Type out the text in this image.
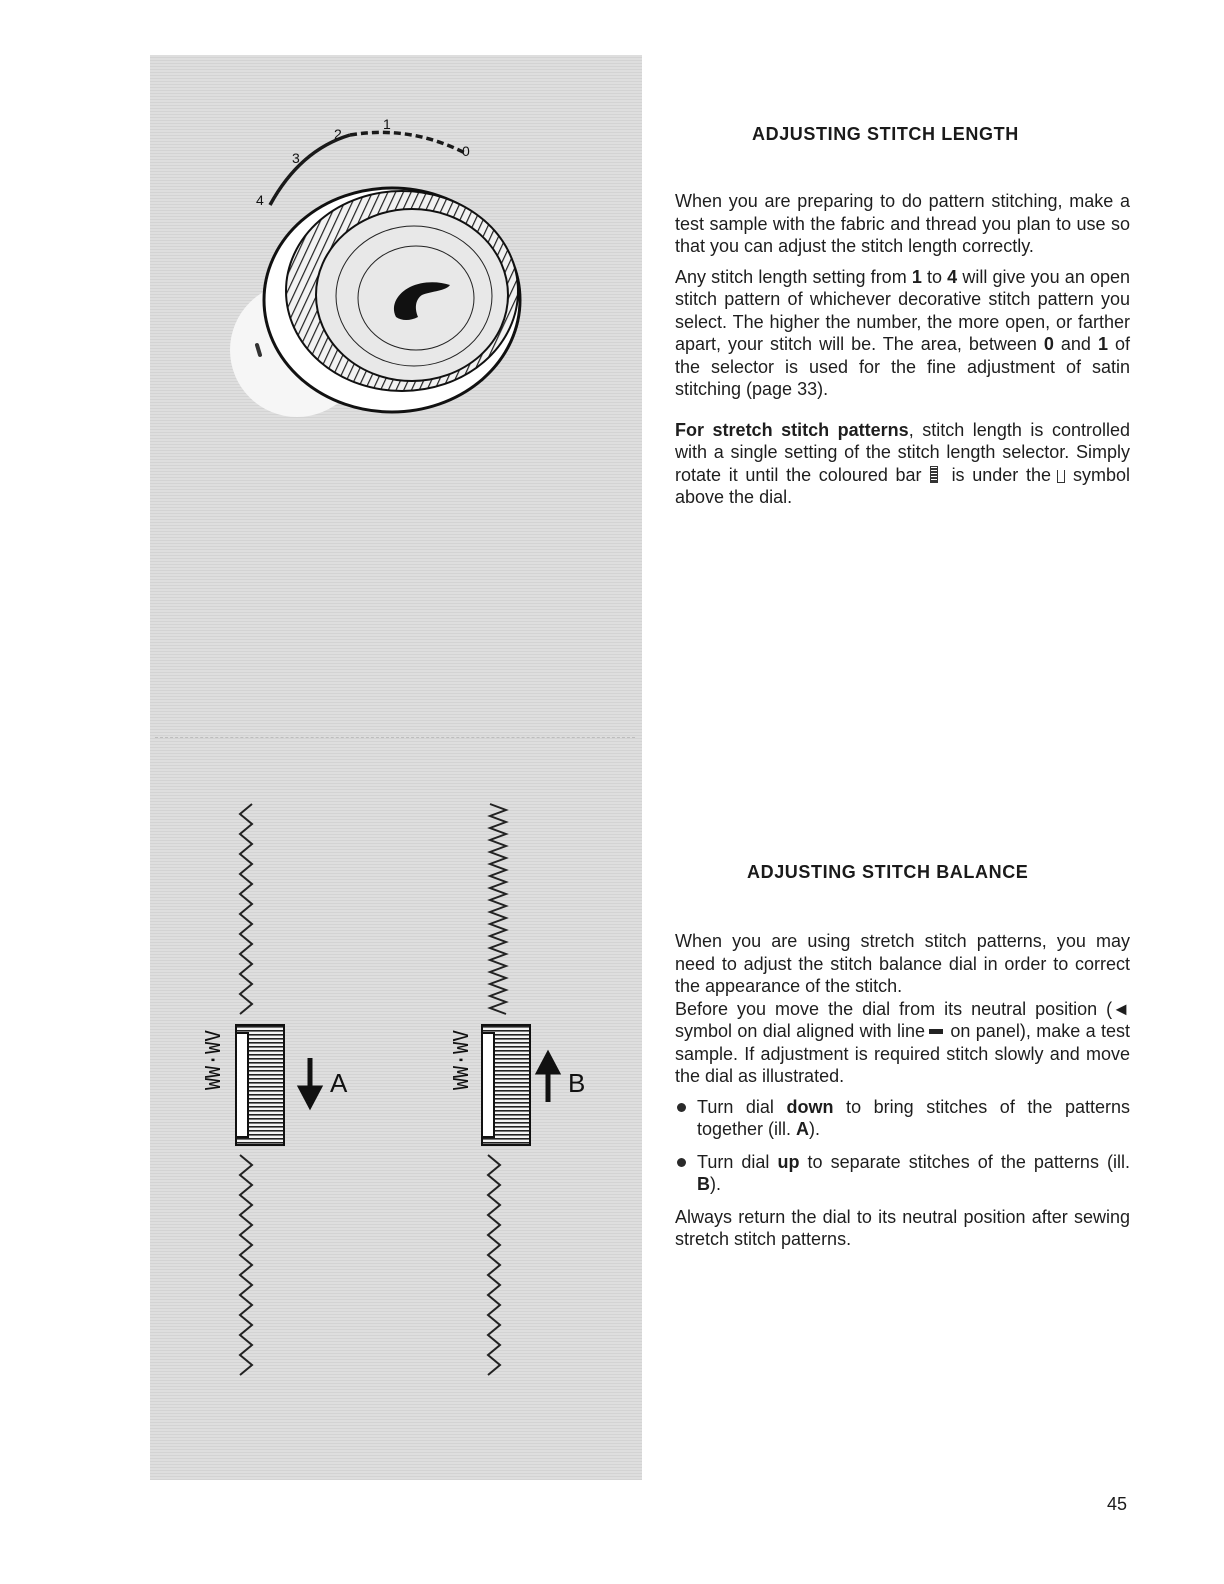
4
3
2
1
0
WW·WV	A	WW·WV	B
ADJUSTING STITCH LENGTH

When you are preparing to do pattern stitching, make a test sample with the fabric and thread you plan to use so that you can adjust the stitch length correctly.

Any stitch length setting from 1 to 4 will give you an open stitch pattern of whichever decorative stitch pattern you select. The higher the number, the more open, or farther apart, your stitch will be. The area, between 0 and 1 of the selector is used for the fine adjustment of satin stitching (page 33).

For stretch stitch patterns, stitch length is controlled with a single setting of the stitch length selector. Simply rotate it until the coloured bar is under the symbol above the dial.

ADJUSTING STITCH BALANCE

When you are using stretch stitch patterns, you may need to adjust the stitch balance dial in order to correct the appearance of the stitch.

Before you move the dial from its neutral position (◄ symbol on dial aligned with line on panel), make a test sample. If adjustment is required stitch slowly and move the dial as illustrated.

Turn dial down to bring stitches of the patterns together (ill. A).
Turn dial up to separate stitches of the patterns (ill. B).

Always return the dial to its neutral position after sewing stretch stitch patterns.

45
